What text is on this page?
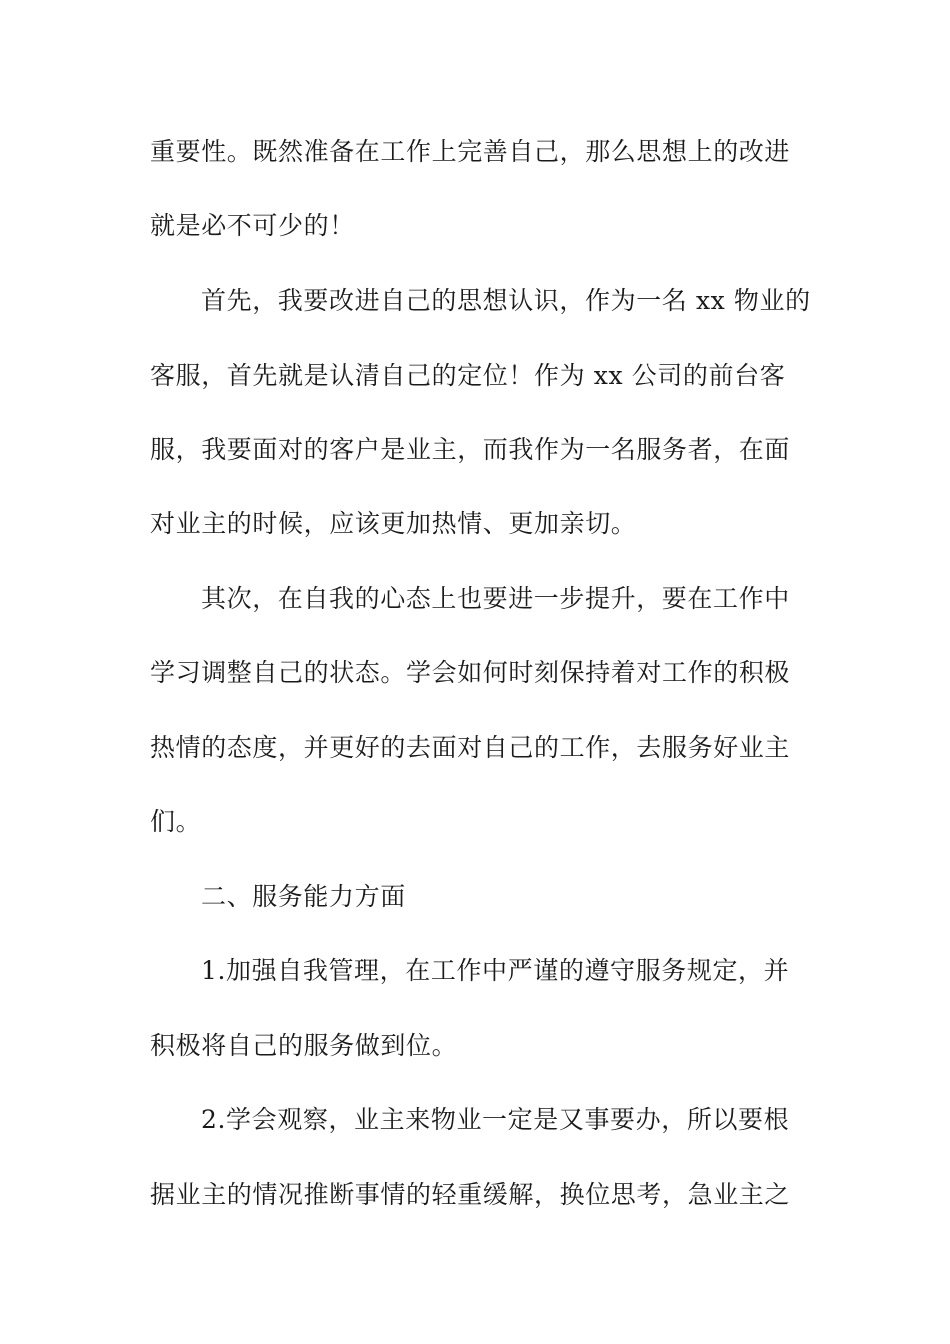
重要性。既然准备在工作上完善自己，那么思想上的改进
就是必不可少的！
首先，我要改进自己的思想认识，作为一名 xx 物业的
客服，首先就是认清自己的定位！作为 xx 公司的前台客
服，我要面对的客户是业主，而我作为一名服务者，在面
对业主的时候，应该更加热情、更加亲切。
其次，在自我的心态上也要进一步提升，要在工作中
学习调整自己的状态。学会如何时刻保持着对工作的积极
热情的态度，并更好的去面对自己的工作，去服务好业主
们。
二、服务能力方面
1.加强自我管理，在工作中严谨的遵守服务规定，并
积极将自己的服务做到位。
2.学会观察，业主来物业一定是又事要办，所以要根
据业主的情况推断事情的轻重缓解，换位思考，急业主之
